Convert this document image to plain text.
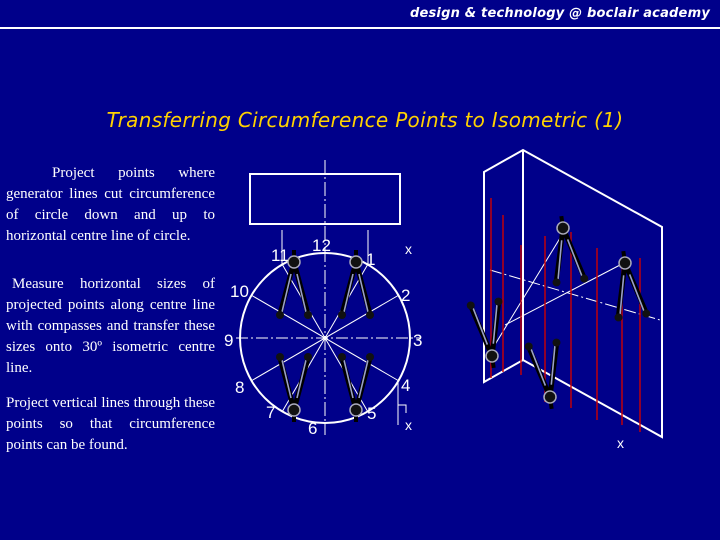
design & technology @ boclair academy
Transferring Circumference Points to Isometric (1)
Project points where generator lines cut circumference of circle down and up to horizontal centre line of circle.
Measure horizontal sizes of projected points along centre line with compasses and transfer these sizes onto 30º isometric centre line.
Project vertical lines through these points so that circumference points can be found.
12
11	1
x
10	2
9	3
8	4
7	5
6	x
x
